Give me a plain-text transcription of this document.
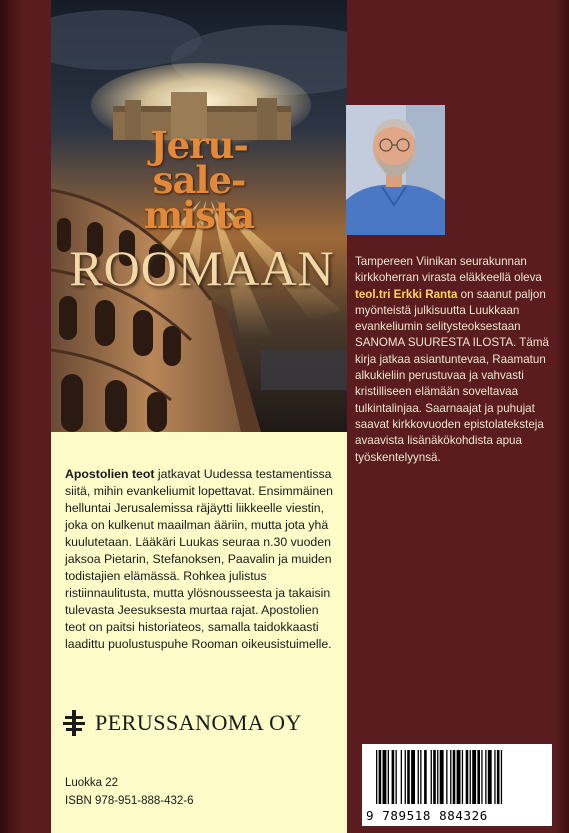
Jeru-
sale-
mista
ROOMAAN

Apostolien teot jatkavat Uudessa testamentissa siitä, mihin evankeliumit lopettavat. Ensimmäinen helluntai Jerusalemissa räjäytti liikkeelle viestin, joka on kulkenut maailman ääriin, mutta jota yhä kuulutetaan. Lääkäri Luukas seuraa n.30 vuoden jaksoa Pietarin, Stefanoksen, Paavalin ja muiden todistajien elämässä. Rohkea julistus ristiinnaulitusta, mutta ylösnousseesta ja takaisin tulevasta Jeesuksesta murtaa rajat. Apostolien teot on paitsi historiateos, samalla taidokkaasti laadittu puolustuspuhe Rooman oikeusistuimelle.

PERUSSANOMA OY
Luokka 22
ISBN 978-951-888-432-6

Tampereen Viinikan seurakunnan kirkkoherran virasta eläkkeellä oleva teol.tri Erkki Ranta on saanut paljon myönteistä julkisuutta Luukkaan evankeliumin selitysteoksestaan SANOMA SUURESTA ILOSTA. Tämä kirja jatkaa asiantuntevaa, Raamatun alkukieliin perustuvaa ja vahvasti kristilliseen elämään soveltavaa tulkintalinjaa. Saarnaajat ja puhujat saavat kirkkovuoden epistolateksteja avaavista lisänäkökohdista apua työskentelyynsä.

9 789518 884326
